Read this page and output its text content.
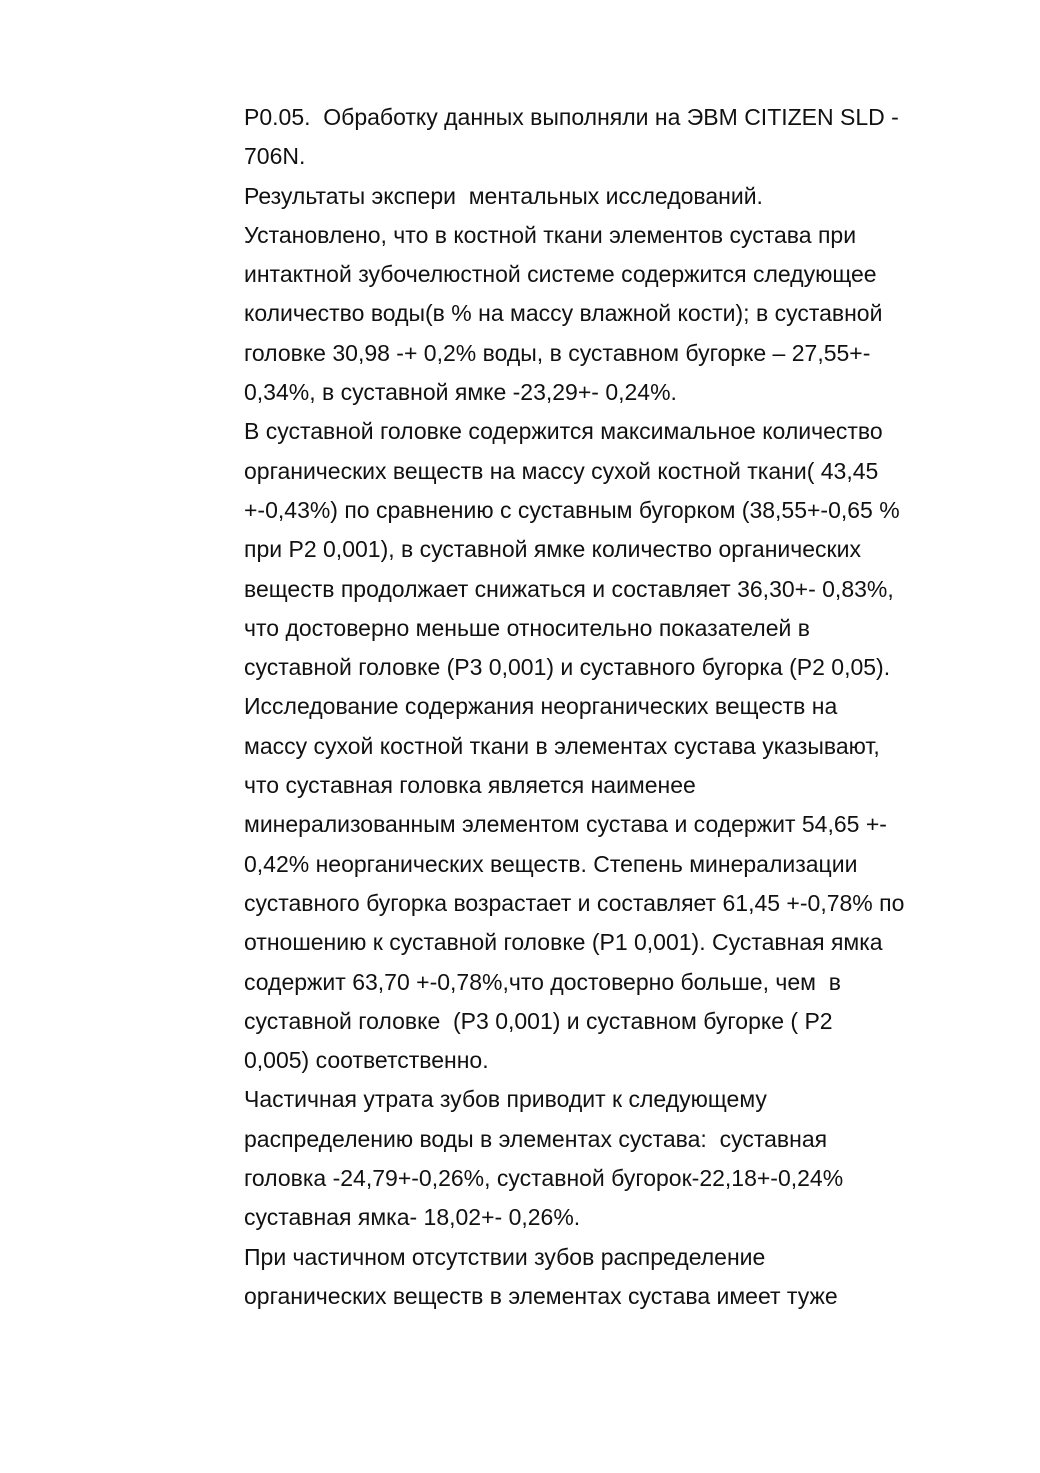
Р0.05.  Обработку данных выполняли на ЭВМ CITIZEN SLD -
706N.
Результаты экспери  ментальных исследований.
Установлено, что в костной ткани элементов сустава при
интактной зубочелюстной системе содержится следующее
количество воды(в % на массу влажной кости); в суставной
головке 30,98 -+ 0,2% воды, в суставном бугорке – 27,55+-
0,34%, в суставной ямке -23,29+- 0,24%.
В суставной головке содержится максимальное количество
органических веществ на массу сухой костной ткани( 43,45
+-0,43%) по сравнению с суставным бугорком (38,55+-0,65 %
при Р2 0,001), в суставной ямке количество органических
веществ продолжает снижаться и составляет 36,30+- 0,83%,
что достоверно меньше относительно показателей в
суставной головке (Р3 0,001) и суставного бугорка (Р2 0,05).
Исследование содержания неорганических веществ на
массу сухой костной ткани в элементах сустава указывают,
что суставная головка является наименее
минерализованным элементом сустава и содержит 54,65 +-
0,42% неорганических веществ. Степень минерализации
суставного бугорка возрастает и составляет 61,45 +-0,78% по
отношению к суставной головке (Р1 0,001). Суставная ямка
содержит 63,70 +-0,78%,что достоверно больше, чем  в
суставной головке  (Р3 0,001) и суставном бугорке ( Р2
0,005) соответственно.
Частичная утрата зубов приводит к следующему
распределению воды в элементах сустава:  суставная
головка -24,79+-0,26%, суставной бугорок-22,18+-0,24%
суставная ямка- 18,02+- 0,26%.
При частичном отсутствии зубов распределение
органических веществ в элементах сустава имеет туже
